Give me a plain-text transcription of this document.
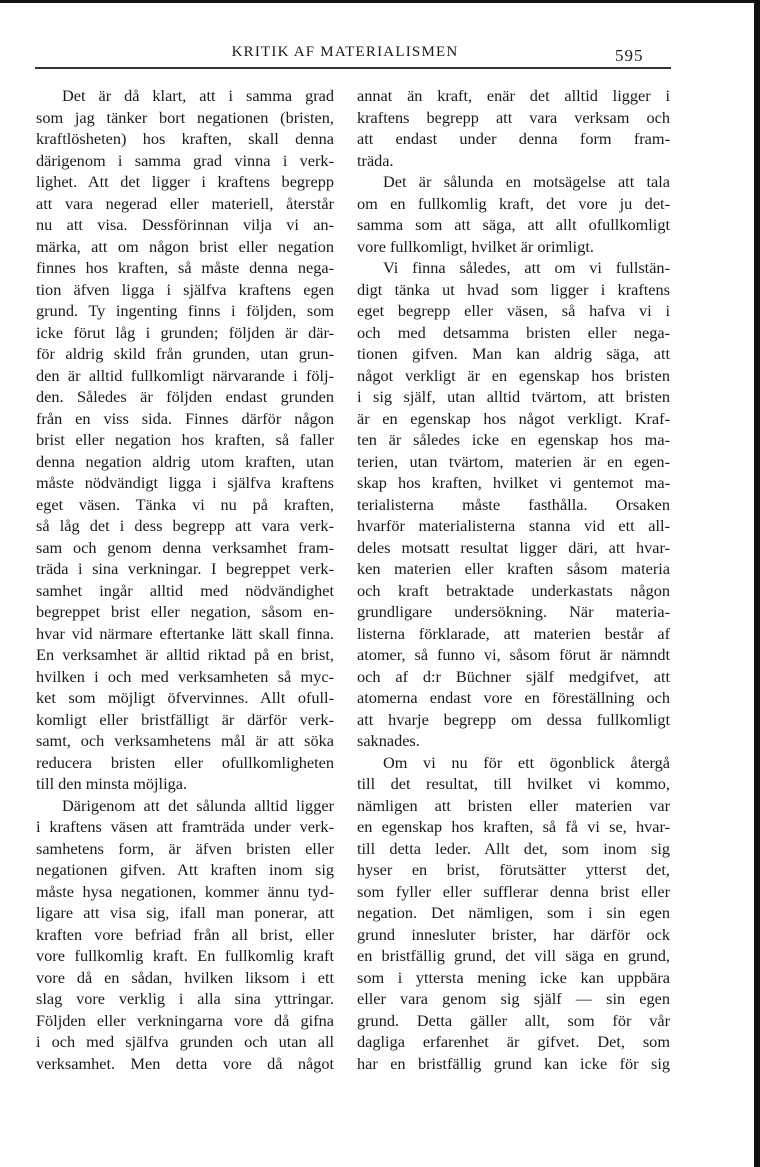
KRITIK AF MATERIALISMEN	595
Det är då klart, att i samma grad
som jag tänker bort negationen (bristen,
kraftlösheten) hos kraften, skall denna
därigenom i samma grad vinna i verk-
lighet. Att det ligger i kraftens begrepp
att vara negerad eller materiell, återstår
nu att visa. Dessförinnan vilja vi an-
märka, att om någon brist eller negation
finnes hos kraften, så måste denna nega-
tion äfven ligga i själfva kraftens egen
grund. Ty ingenting finns i följden, som
icke förut låg i grunden; följden är där-
för aldrig skild från grunden, utan grun-
den är alltid fullkomligt närvarande i följ-
den. Således är följden endast grunden
från en viss sida. Finnes därför någon
brist eller negation hos kraften, så faller
denna negation aldrig utom kraften, utan
måste nödvändigt ligga i själfva kraftens
eget väsen. Tänka vi nu på kraften,
så låg det i dess begrepp att vara verk-
sam och genom denna verksamhet fram-
träda i sina verkningar. I begreppet verk-
samhet ingår alltid med nödvändighet
begreppet brist eller negation, såsom en-
hvar vid närmare eftertanke lätt skall finna.
En verksamhet är alltid riktad på en brist,
hvilken i och med verksamheten så myc-
ket som möjligt öfvervinnes. Allt ofull-
komligt eller bristfälligt är därför verk-
samt, och verksamhetens mål är att söka
reducera bristen eller ofullkomligheten
till den minsta möjliga.
Därigenom att det sålunda alltid ligger
i kraftens väsen att framträda under verk-
samhetens form, är äfven bristen eller
negationen gifven. Att kraften inom sig
måste hysa negationen, kommer ännu tyd-
ligare att visa sig, ifall man ponerar, att
kraften vore befriad från all brist, eller
vore fullkomlig kraft. En fullkomlig kraft
vore då en sådan, hvilken liksom i ett
slag vore verklig i alla sina yttringar.
Följden eller verkningarna vore då gifna
i och med själfva grunden och utan all
verksamhet. Men detta vore då något
annat än kraft, enär det alltid ligger i
kraftens begrepp att vara verksam och
att endast under denna form fram-
träda.
Det är sålunda en motsägelse att tala
om en fullkomlig kraft, det vore ju det-
samma som att säga, att allt ofullkomligt
vore fullkomligt, hvilket är orimligt.
Vi finna således, att om vi fullstän-
digt tänka ut hvad som ligger i kraftens
eget begrepp eller väsen, så hafva vi i
och med detsamma bristen eller nega-
tionen gifven. Man kan aldrig säga, att
något verkligt är en egenskap hos bristen
i sig själf, utan alltid tvärtom, att bristen
är en egenskap hos något verkligt. Kraf-
ten är således icke en egenskap hos ma-
terien, utan tvärtom, materien är en egen-
skap hos kraften, hvilket vi gentemot ma-
terialisterna måste fasthålla. Orsaken
hvarför materialisterna stanna vid ett all-
deles motsatt resultat ligger däri, att hvar-
ken materien eller kraften såsom materia
och kraft betraktade underkastats någon
grundligare undersökning. När materia-
listerna förklarade, att materien består af
atomer, så funno vi, såsom förut är nämndt
och af d:r Büchner själf medgifvet, att
atomerna endast vore en föreställning och
att hvarje begrepp om dessa fullkomligt
saknades.
Om vi nu för ett ögonblick återgå
till det resultat, till hvilket vi kommo,
nämligen att bristen eller materien var
en egenskap hos kraften, så få vi se, hvar-
till detta leder. Allt det, som inom sig
hyser en brist, förutsätter ytterst det,
som fyller eller sufflerar denna brist eller
negation. Det nämligen, som i sin egen
grund innesluter brister, har därför ock
en bristfällig grund, det vill säga en grund,
som i yttersta mening icke kan uppbära
eller vara genom sig själf — sin egen
grund. Detta gäller allt, som för vår
dagliga erfarenhet är gifvet. Det, som
har en bristfällig grund kan icke för sig
